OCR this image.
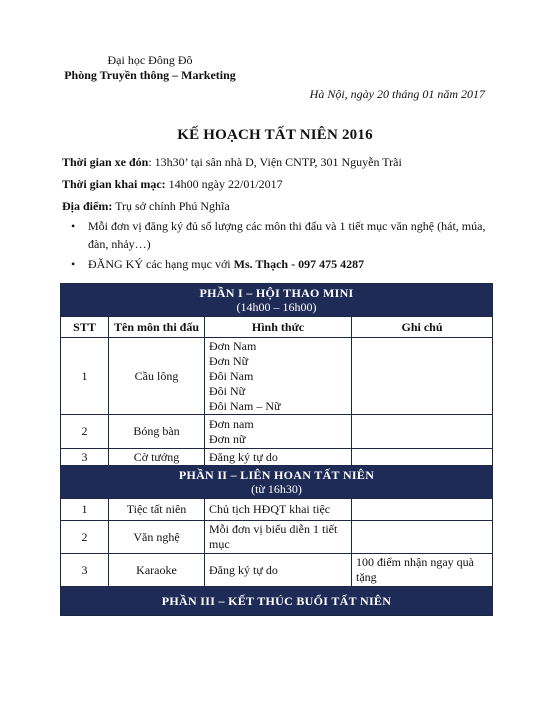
Đại học Đông Đô
Phòng Truyền thông – Marketing
Hà Nội, ngày 20 tháng 01 năm 2017
KẾ HOẠCH TẤT NIÊN 2016
Thời gian xe đón: 13h30’ tại sân nhà D, Viện CNTP, 301 Nguyễn Trãi
Thời gian khai mạc: 14h00 ngày 22/01/2017
Địa điểm: Trụ sở chính Phú Nghĩa
• Mỗi đơn vị đăng ký đủ số lượng các môn thi đấu và 1 tiết mục văn nghệ (hát, múa, đàn, nhảy…)
• ĐĂNG KÝ các hạng mục với Ms. Thạch - 097 475 4287
PHẦN I – HỘI THAO MINI
(14h00 – 16h00)			

STT	Tên môn thi đấu	Hình thức	Ghi chú
1	Cầu lông	Đơn Nam
Đơn Nữ
Đôi Nam
Đôi Nữ
Đôi Nam – Nữ	

2	Bóng bàn	Đơn nam
Đơn nữ	

3	Cờ tướng	Đăng ký tự do	

PHẦN II – LIÊN HOAN TẤT NIÊN
(từ 16h30)			

1	Tiệc tất niên	Chủ tịch HĐQT khai tiệc	

2	Văn nghệ	Mỗi đơn vị biểu diễn 1 tiết mục	

3	Karaoke	Đăng ký tự do	100 điểm nhận ngay quà tặng

PHẦN III – KẾT THÚC BUỔI TẤT NIÊN			
